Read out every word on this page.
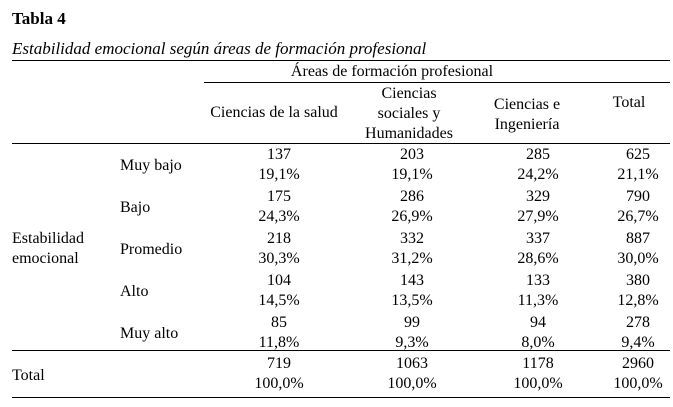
Tabla 4
Estabilidad emocional según áreas de formación profesional
Áreas de formación profesional
Ciencias de la salud
Ciencias
sociales y
Humanidades
Ciencias e
Ingeniería
Total
Estabilidad
emocional
Muy bajo
137
19,1%
203
19,1%
285
24,2%
625
21,1%
Bajo
175
24,3%
286
26,9%
329
27,9%
790
26,7%
Promedio
218
30,3%
332
31,2%
337
28,6%
887
30,0%
Alto
104
14,5%
143
13,5%
133
11,3%
380
12,8%
Muy alto
85
11,8%
99
9,3%
94
8,0%
278
9,4%
Total
719
100,0%
1063
100,0%
1178
100,0%
2960
100,0%
